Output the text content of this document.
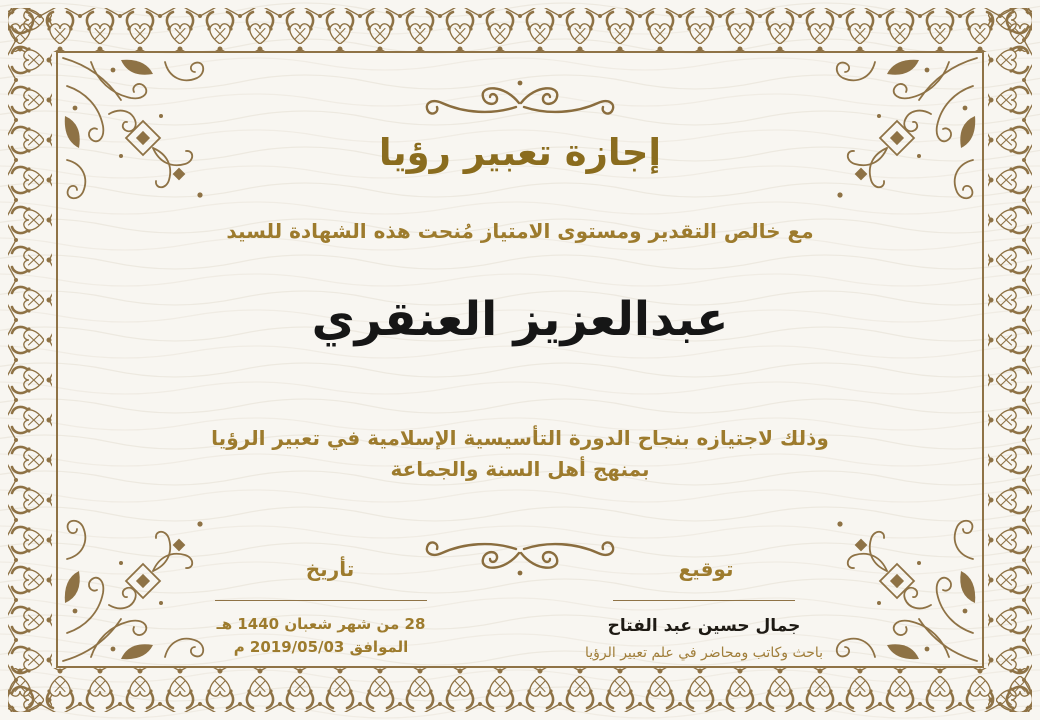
إجازة تعبير رؤيا
مع خالص التقدير ومستوى الامتياز مُنحت هذه الشهادة للسيد
عبدالعزيز العنقري
وذلك لاجتيازه بنجاح الدورة التأسيسية الإسلامية في تعبير الرؤيا
بمنهج أهل السنة والجماعة
تأريخ
28 من شهر شعبان 1440 هـ
الموافق 2019/05/03 م
توقيع
جمال حسين عبد الفتاح
باحث وكاتب ومحاضر في علم تعبير الرؤيا
